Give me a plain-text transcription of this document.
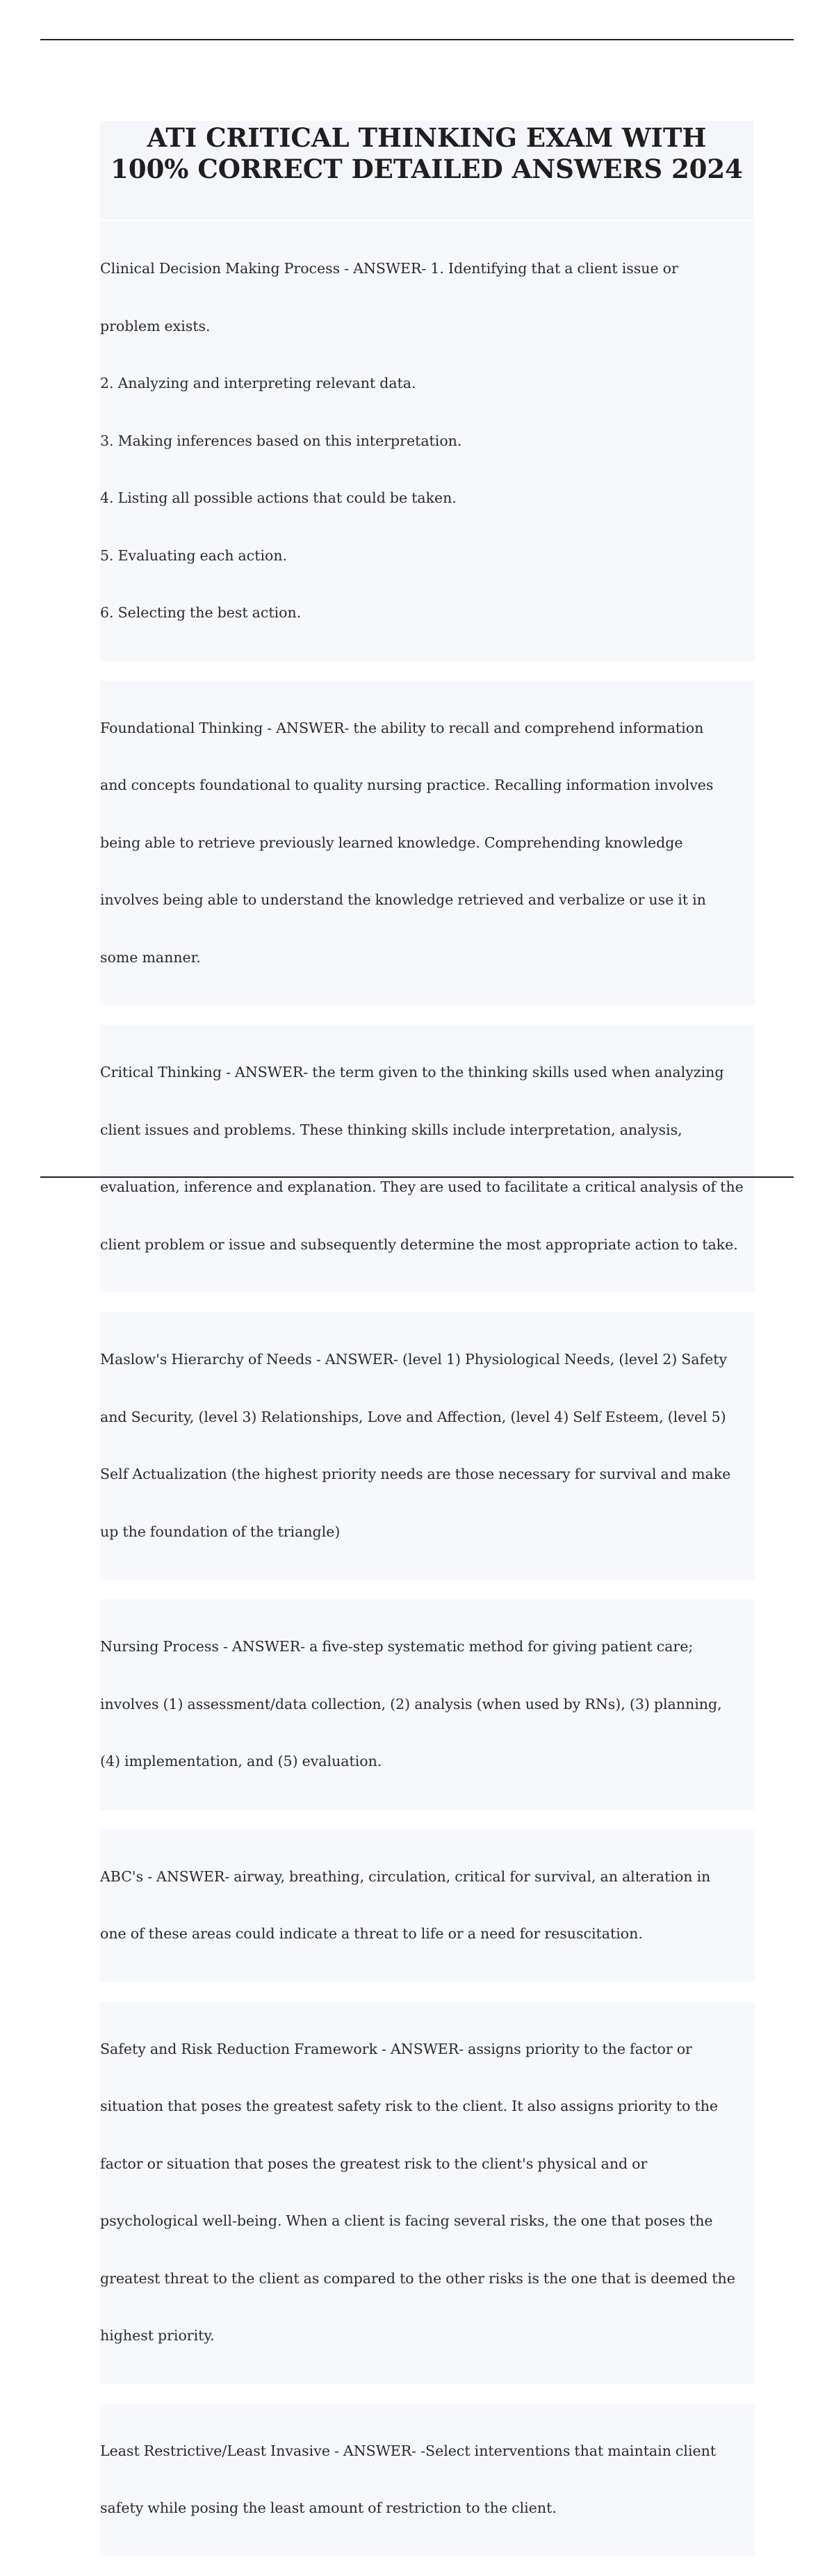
ATI CRITICAL THINKING EXAM WITH
100% CORRECT DETAILED ANSWERS 2024

Clinical Decision Making Process - ANSWER- 1. Identifying that a client issue or

problem exists.

2. Analyzing and interpreting relevant data.

3. Making inferences based on this interpretation.

4. Listing all possible actions that could be taken.

5. Evaluating each action.

6. Selecting the best action.

Foundational Thinking - ANSWER- the ability to recall and comprehend information

and concepts foundational to quality nursing practice. Recalling information involves

being able to retrieve previously learned knowledge. Comprehending knowledge

involves being able to understand the knowledge retrieved and verbalize or use it in

some manner.

Critical Thinking - ANSWER- the term given to the thinking skills used when analyzing

client issues and problems. These thinking skills include interpretation, analysis,

evaluation, inference and explanation. They are used to facilitate a critical analysis of the

client problem or issue and subsequently determine the most appropriate action to take.

Maslow's Hierarchy of Needs - ANSWER- (level 1) Physiological Needs, (level 2) Safety

and Security, (level 3) Relationships, Love and Affection, (level 4) Self Esteem, (level 5)

Self Actualization (the highest priority needs are those necessary for survival and make

up the foundation of the triangle)

Nursing Process - ANSWER- a five-step systematic method for giving patient care;

involves (1) assessment/data collection, (2) analysis (when used by RNs), (3) planning,

(4) implementation, and (5) evaluation.

ABC's - ANSWER- airway, breathing, circulation, critical for survival, an alteration in

one of these areas could indicate a threat to life or a need for resuscitation.

Safety and Risk Reduction Framework - ANSWER- assigns priority to the factor or

situation that poses the greatest safety risk to the client. It also assigns priority to the

factor or situation that poses the greatest risk to the client's physical and or

psychological well-being. When a client is facing several risks, the one that poses the

greatest threat to the client as compared to the other risks is the one that is deemed the

highest priority.

Least Restrictive/Least Invasive - ANSWER- -Select interventions that maintain client

safety while posing the least amount of restriction to the client.
